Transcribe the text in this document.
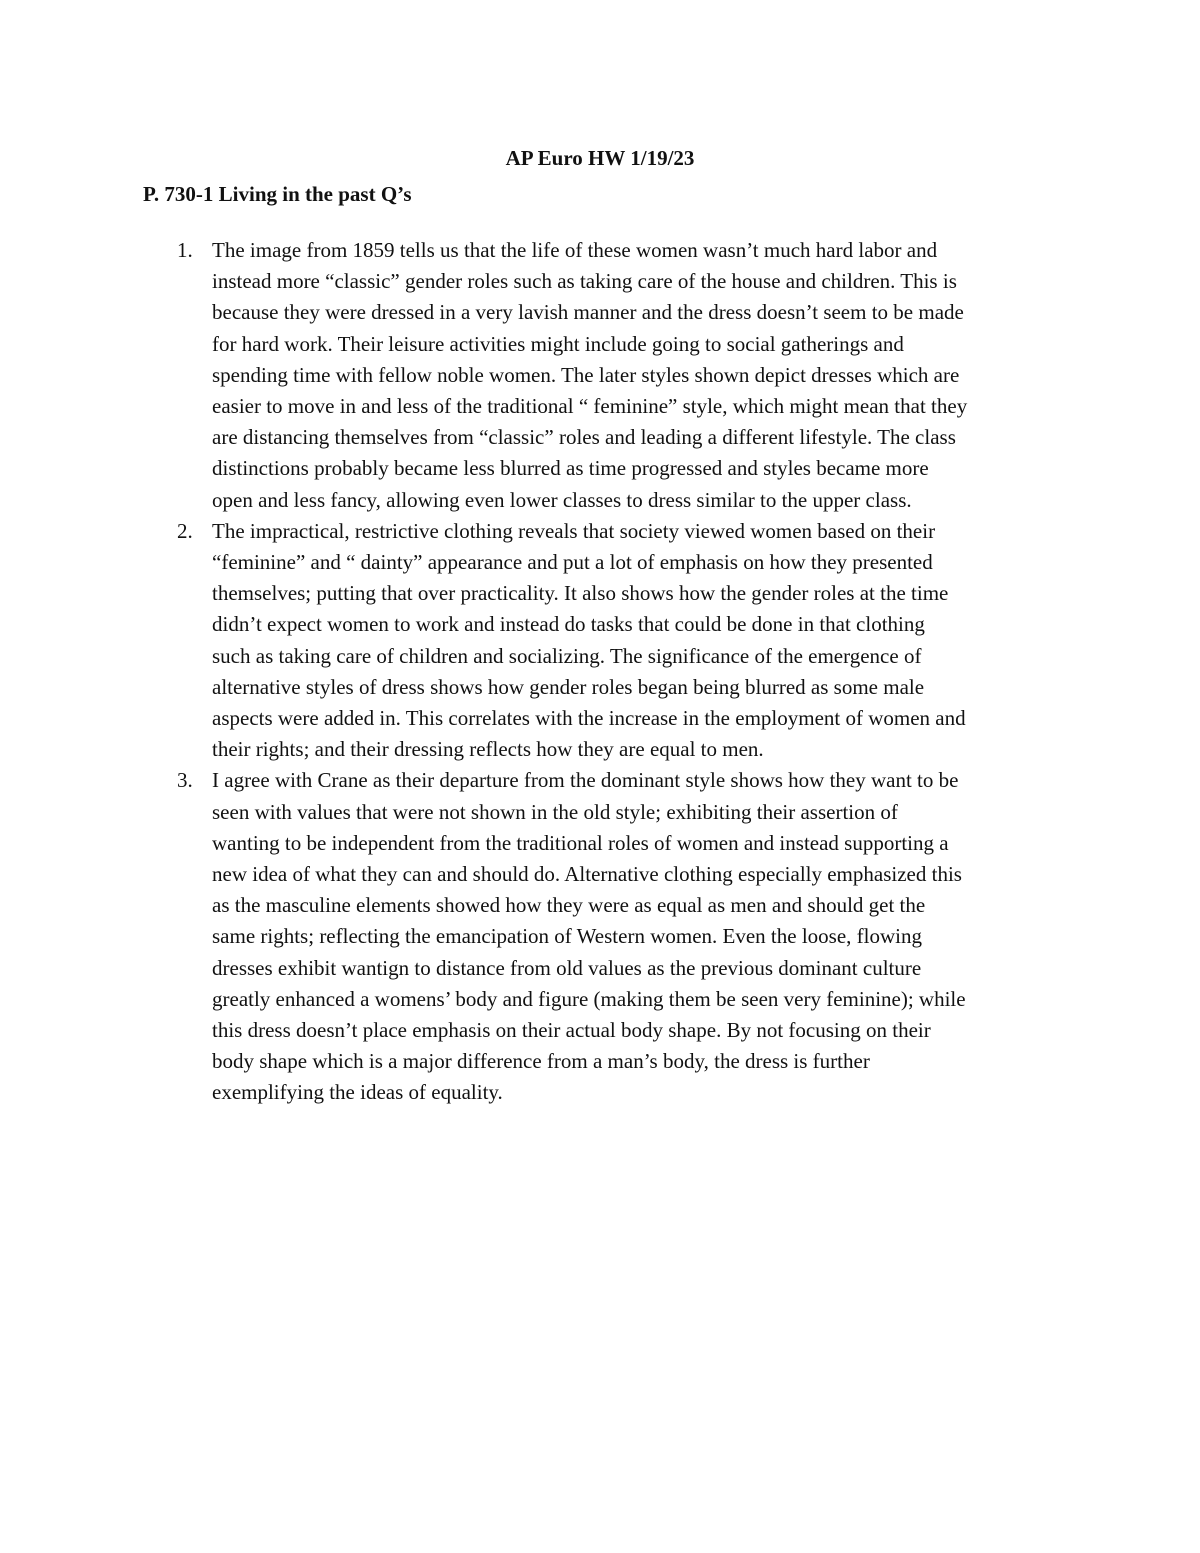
AP Euro HW 1/19/23
P. 730-1 Living in the past Q’s
1. The image from 1859 tells us that the life of these women wasn’t much hard labor and
instead more “classic” gender roles such as taking care of the house and children. This is
because they were dressed in a very lavish manner and the dress doesn’t seem to be made
for hard work. Their leisure activities might include going to social gatherings and
spending time with fellow noble women. The later styles shown depict dresses which are
easier to move in and less of the traditional “ feminine” style, which might mean that they
are distancing themselves from “classic” roles and leading a different lifestyle. The class
distinctions probably became less blurred as time progressed and styles became more
open and less fancy, allowing even lower classes to dress similar to the upper class.
2. The impractical, restrictive clothing reveals that society viewed women based on their
“feminine” and “ dainty” appearance and put a lot of emphasis on how they presented
themselves; putting that over practicality. It also shows how the gender roles at the time
didn’t expect women to work and instead do tasks that could be done in that clothing
such as taking care of children and socializing. The significance of the emergence of
alternative styles of dress shows how gender roles began being blurred as some male
aspects were added in. This correlates with the increase in the employment of women and
their rights; and their dressing reflects how they are equal to men.
3. I agree with Crane as their departure from the dominant style shows how they want to be
seen with values that were not shown in the old style; exhibiting their assertion of
wanting to be independent from the traditional roles of women and instead supporting a
new idea of what they can and should do. Alternative clothing especially emphasized this
as the masculine elements showed how they were as equal as men and should get the
same rights; reflecting the emancipation of Western women. Even the loose, flowing
dresses exhibit wantign to distance from old values as the previous dominant culture
greatly enhanced a womens’ body and figure (making them be seen very feminine); while
this dress doesn’t place emphasis on their actual body shape. By not focusing on their
body shape which is a major difference from a man’s body, the dress is further
exemplifying the ideas of equality.
